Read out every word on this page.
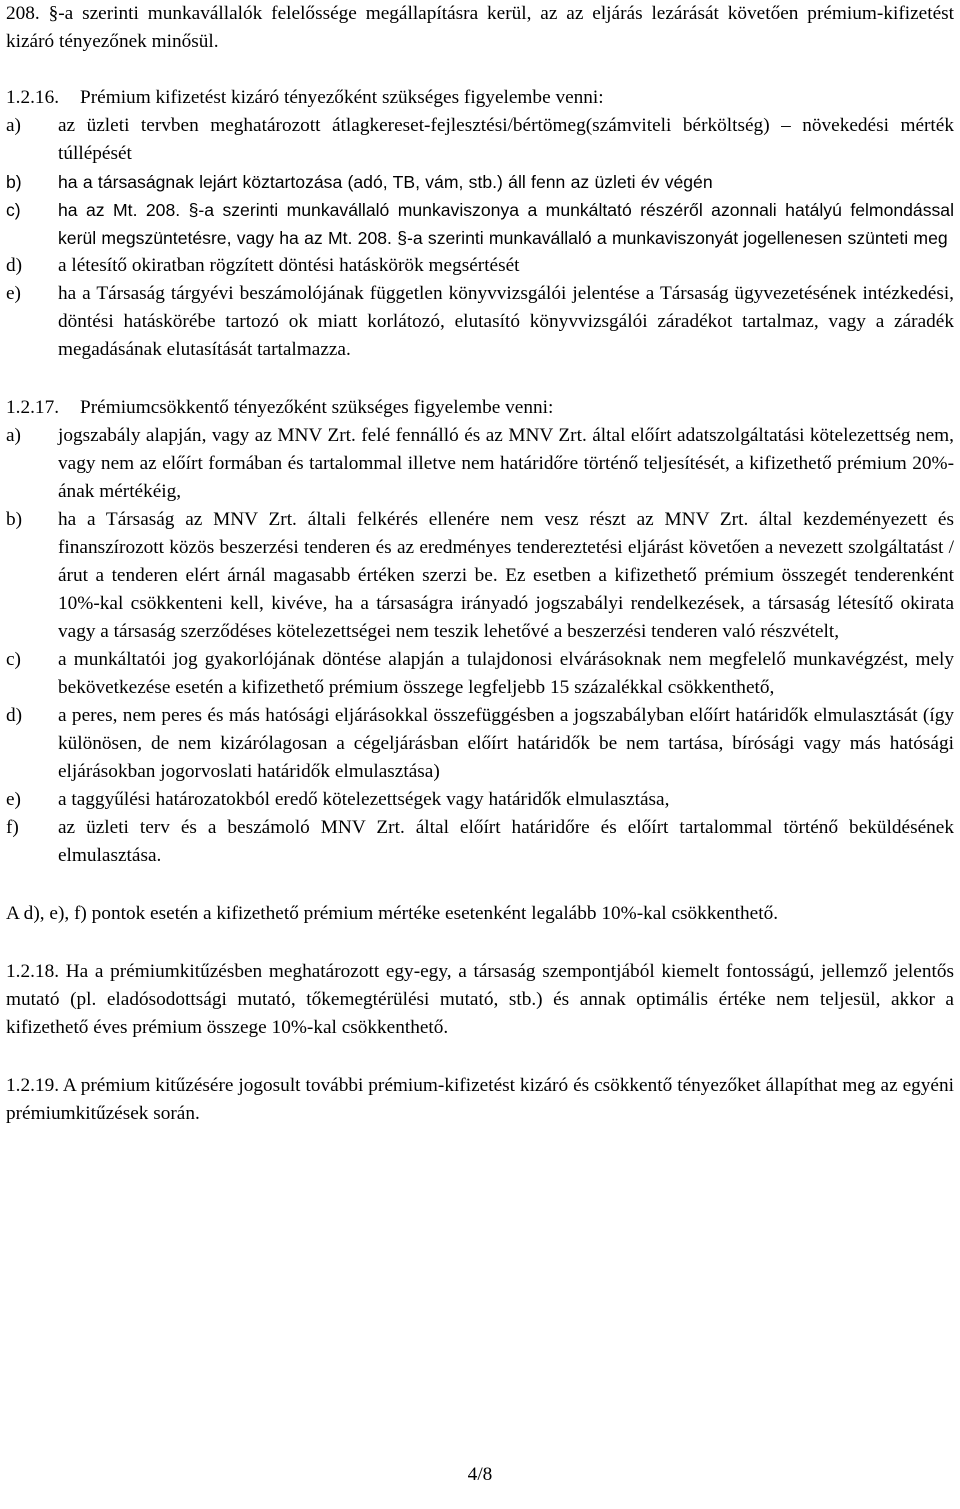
208. §-a szerinti munkavállalók felelőssége megállapításra kerül, az az eljárás lezárását követően prémium-kifizetést kizáró tényezőnek minősül.

1.2.16.	Prémium kifizetést kizáró tényezőként szükséges figyelembe venni:
a)	az üzleti tervben meghatározott átlagkereset-fejlesztési/bértömeg(számviteli bérköltség) – növekedési mérték túllépését
b)	ha a társaságnak lejárt köztartozása (adó, TB, vám, stb.) áll fenn az üzleti év végén
c)	ha az Mt. 208. §-a szerinti munkavállaló munkaviszonya a munkáltató részéről azonnali hatályú felmondással kerül megszüntetésre, vagy ha az Mt. 208. §-a szerinti munkavállaló a munkaviszonyát jogellenesen szünteti meg
d)	a létesítő okiratban rögzített döntési hatáskörök megsértését
e)	ha a Társaság tárgyévi beszámolójának független könyvvizsgálói jelentése a Társaság ügyvezetésének intézkedési, döntési hatáskörébe tartozó ok miatt korlátozó, elutasító könyvvizsgálói záradékot tartalmaz, vagy a záradék megadásának elutasítását tartalmazza.
1.2.17.	Prémiumcsökkentő tényezőként szükséges figyelembe venni:
a)	jogszabály alapján, vagy az MNV Zrt. felé fennálló és az MNV Zrt. által előírt adatszolgáltatási kötelezettség nem, vagy nem az előírt formában és tartalommal illetve nem határidőre történő teljesítését, a kifizethető prémium 20%-ának mértékéig,
b)	ha a Társaság az MNV Zrt. általi felkérés ellenére nem vesz részt az MNV Zrt. által kezdeményezett és finanszírozott közös beszerzési tenderen és az eredményes tendereztetési eljárást követően a nevezett szolgáltatást / árut a tenderen elért árnál magasabb értéken szerzi be. Ez esetben a kifizethető prémium összegét tenderenként 10%-kal csökkenteni kell, kivéve, ha a társaságra irányadó jogszabályi rendelkezések, a társaság létesítő okirata vagy a társaság szerződéses kötelezettségei nem teszik lehetővé a beszerzési tenderen való részvételt,
c)	a munkáltatói jog gyakorlójának döntése alapján a tulajdonosi elvárásoknak nem megfelelő munkavégzést, mely bekövetkezése esetén a kifizethető prémium összege legfeljebb 15 százalékkal csökkenthető,
d)	a peres, nem peres és más hatósági eljárásokkal összefüggésben a jogszabályban előírt határidők elmulasztását (így különösen, de nem kizárólagosan a cégeljárásban előírt határidők be nem tartása, bírósági vagy más hatósági eljárásokban jogorvoslati határidők elmulasztása)
e)	a taggyűlési határozatokból eredő kötelezettségek vagy határidők elmulasztása,
f)	az üzleti terv és a beszámoló MNV Zrt. által előírt határidőre és előírt tartalommal történő beküldésének elmulasztása.

A d), e), f) pontok esetén a kifizethető prémium mértéke esetenként legalább 10%-kal csökkenthető.

1.2.18. Ha a prémiumkitűzésben meghatározott egy-egy, a társaság szempontjából kiemelt fontosságú, jellemző jelentős mutató (pl. eladósodottsági mutató, tőkemegtérülési mutató, stb.) és annak optimális értéke nem teljesül, akkor a kifizethető éves prémium összege 10%-kal csökkenthető.

1.2.19. A prémium kitűzésére jogosult további prémium-kifizetést kizáró és csökkentő tényezőket állapíthat meg az egyéni prémiumkitűzések során.

4/8
